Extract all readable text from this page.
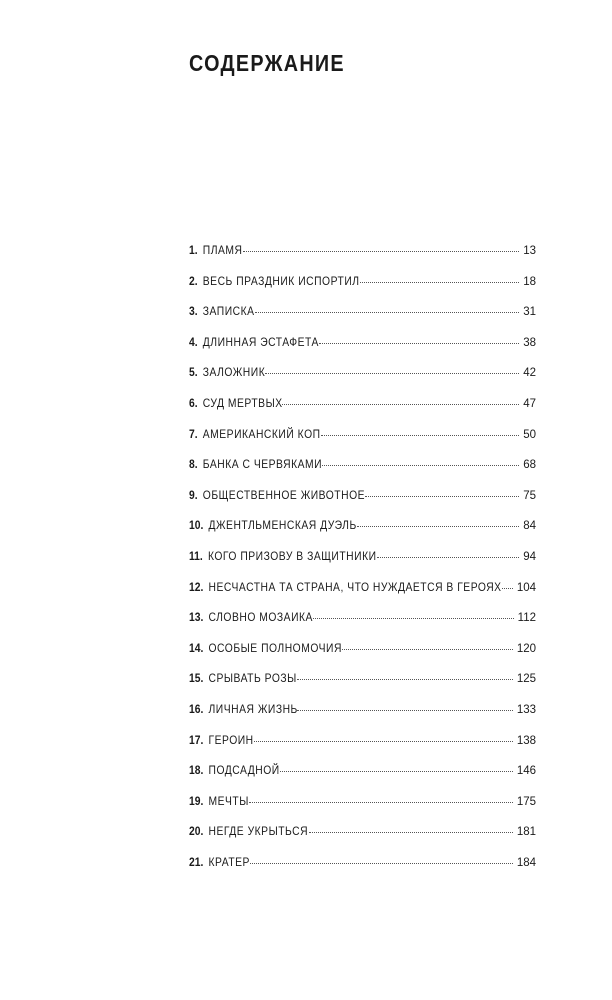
СОДЕРЖАНИЕ
1. ПЛАМЯ	13
2. ВЕСЬ ПРАЗДНИК ИСПОРТИЛ	18
3. ЗАПИСКА	31
4. ДЛИННАЯ ЭСТАФЕТА	38
5. ЗАЛОЖНИК	42
6. СУД МЕРТВЫХ	47
7. АМЕРИКАНСКИЙ КОП	50
8. БАНКА С ЧЕРВЯКАМИ	68
9. ОБЩЕСТВЕННОЕ ЖИВОТНОЕ	75
10. ДЖЕНТЛЬМЕНСКАЯ ДУЭЛЬ	84
11. КОГО ПРИЗОВУ В ЗАЩИТНИКИ	94
12. НЕСЧАСТНА ТА СТРАНА, ЧТО НУЖДАЕТСЯ В ГЕРОЯХ 104
13. СЛОВНО МОЗАИКА	112
14. ОСОБЫЕ ПОЛНОМОЧИЯ	120
15. СРЫВАТЬ РОЗЫ	125
16. ЛИЧНАЯ ЖИЗНЬ	133
17. ГЕРОИН	138
18. ПОДСАДНОЙ	146
19. МЕЧТЫ	175
20. НЕГДЕ УКРЫТЬСЯ	181
21. КРАТЕР	184
